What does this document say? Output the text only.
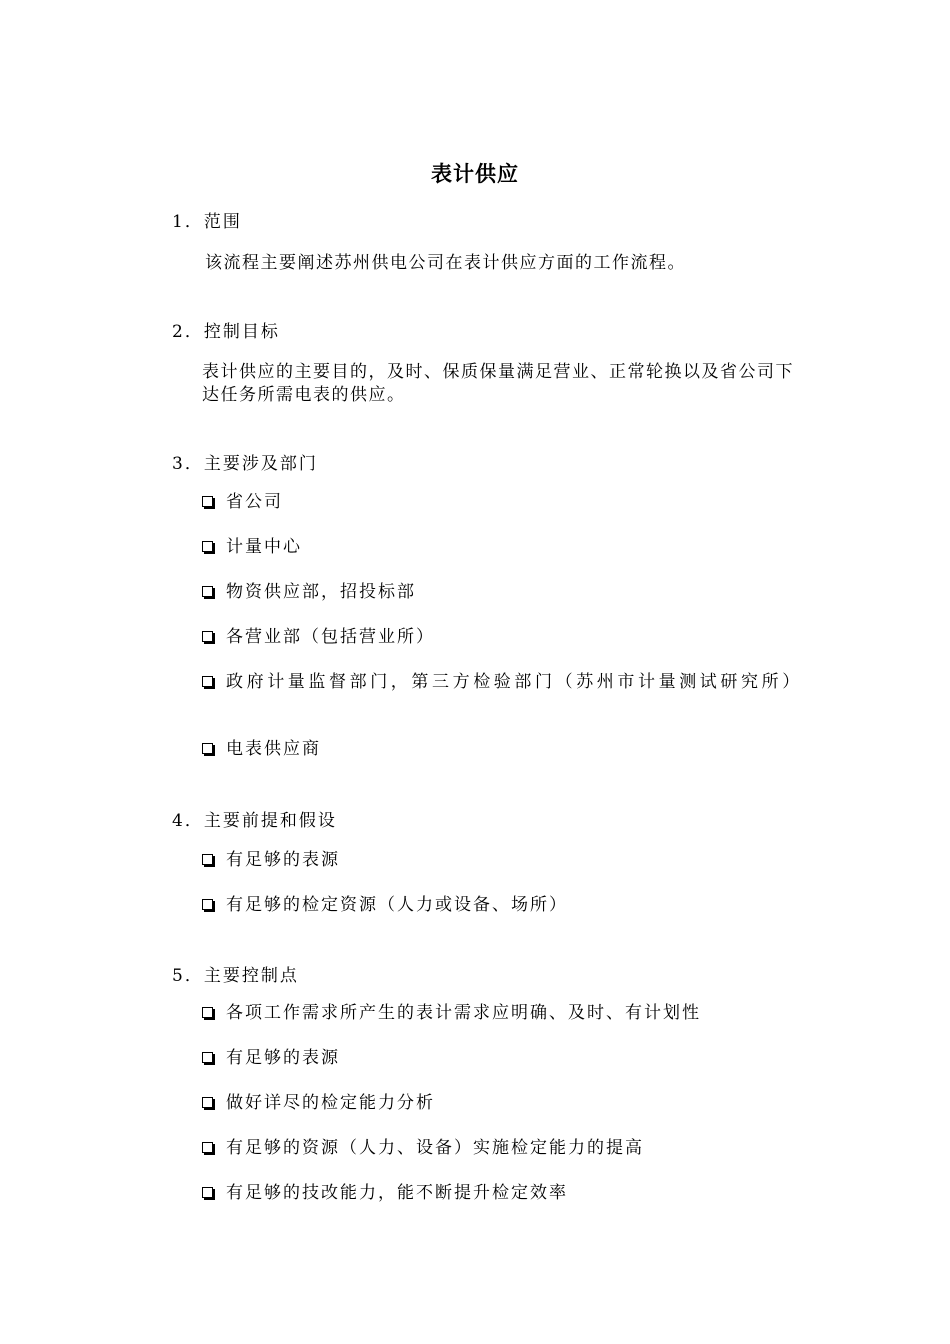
表计供应
1．范围
该流程主要阐述苏州供电公司在表计供应方面的工作流程。
2．控制目标
表计供应的主要目的，及时、保质保量满足营业、正常轮换以及省公司下达任务所需电表的供应。
3．主要涉及部门
省公司
计量中心
物资供应部，招投标部
各营业部（包括营业所）
政府计量监督部门，第三方检验部门（苏州市计量测试研究所）
电表供应商
4．主要前提和假设
有足够的表源
有足够的检定资源（人力或设备、场所）
5．主要控制点
各项工作需求所产生的表计需求应明确、及时、有计划性
有足够的表源
做好详尽的检定能力分析
有足够的资源（人力、设备）实施检定能力的提高
有足够的技改能力，能不断提升检定效率
